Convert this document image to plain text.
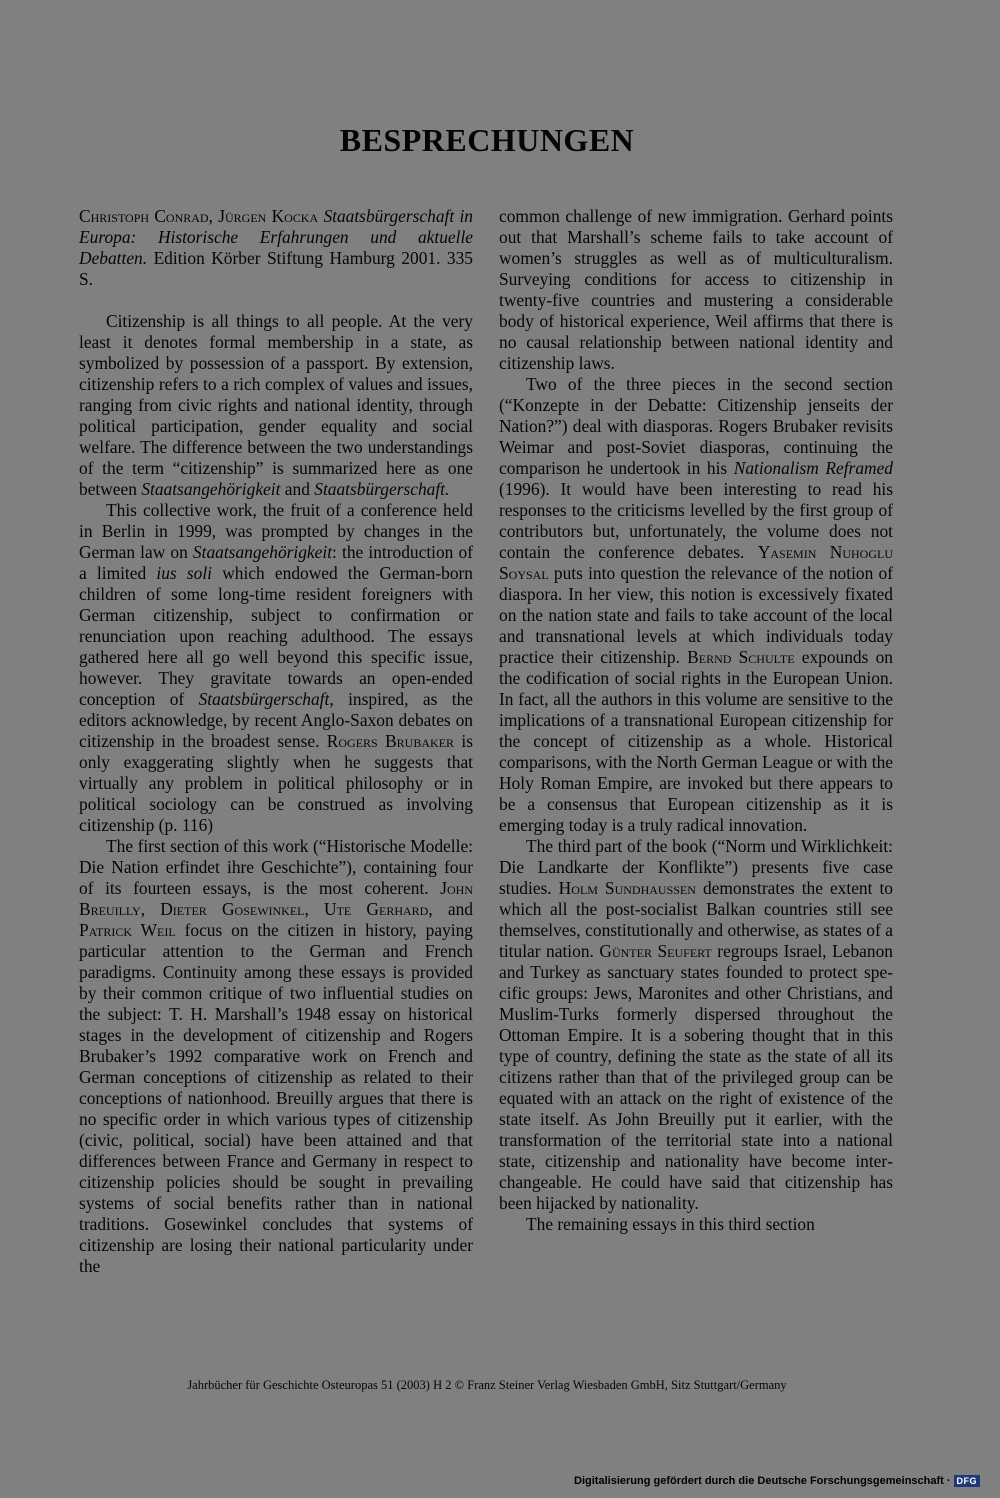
BESPRECHUNGEN

Christoph Conrad, Jürgen Kocka Staatsbürgerschaft in Europa: Historische Erfahrungen und aktuelle Debatten. Edition Körber Stiftung Hamburg 2001. 335 S.

Citizenship is all things to all people. At the very least it denotes formal membership in a state, as symbolized by possession of a passport. By extension, citizenship refers to a rich complex of values and issues, ranging from civic rights and national identity, through political participation, gender equality and social welfare. The difference between the two understandings of the term “citizenship” is summarized here as one between Staatsangehörigkeit and Staatsbürgerschaft.

This collective work, the fruit of a conference held in Berlin in 1999, was prompted by changes in the German law on Staatsangehörigkeit: the introduction of a limited ius soli which endowed the German-born children of some long-time resident foreigners with German citizenship, subject to confirmation or renunciation upon reaching adulthood. The essays gathered here all go well beyond this specific issue, however. They gravitate towards an open-ended conception of Staatsbürgerschaft, inspired, as the editors acknowledge, by recent Anglo-Saxon debates on citizenship in the broadest sense. Rogers Brubaker is only exaggerating slightly when he suggests that virtually any problem in political philosophy or in political sociology can be construed as involving citizenship (p. 116)

The first section of this work (“Historische Modelle: Die Nation erfindet ihre Geschichte”), containing four of its fourteen essays, is the most coherent. John Breuilly, Dieter Gosewinkel, Ute Gerhard, and Patrick Weil focus on the citizen in history, paying particular attention to the German and French paradigms. Continuity among these essays is provided by their common critique of two influential studies on the subject: T. H. Marshall’s 1948 essay on historical stages in the development of citizenship and Rogers Brubaker’s 1992 comparative work on French and German conceptions of citizenship as related to their conceptions of nationhood. Breuilly argues that there is no specific order in which various types of citizenship (civic, political, social) have been attained and that differences between France and Germany in respect to citizenship policies should be sought in prevailing systems of social benefits rather than in national traditions. Gosewinkel concludes that systems of citizenship are losing their national particularity under the

common challenge of new immigration. Gerhard points out that Marshall’s scheme fails to take account of women’s struggles as well as of multiculturalism. Surveying conditions for access to citizenship in twenty-five countries and mustering a considerable body of historical experience, Weil affirms that there is no causal relationship between national identity and citizenship laws.

Two of the three pieces in the second section (“Konzepte in der Debatte: Citizenship jenseits der Nation?”) deal with diasporas. Rogers Brubaker revisits Weimar and post-Soviet diasporas, continuing the comparison he undertook in his Nationalism Reframed (1996). It would have been interesting to read his responses to the criticisms levelled by the first group of contributors but, unfortunately, the volume does not contain the conference debates. Yasemin Nuhoglu Soysal puts into question the relevance of the notion of diaspora. In her view, this notion is excessively fixated on the nation state and fails to take account of the local and transnational levels at which individuals today practice their citizenship. Bernd Schulte expounds on the codification of social rights in the European Union. In fact, all the authors in this volume are sensitive to the implications of a transnational European citizenship for the concept of citizenship as a whole. Historical comparisons, with the North German League or with the Holy Roman Empire, are invoked but there appears to be a consensus that European citizenship as it is emerging today is a truly radical innovation.

The third part of the book (“Norm und Wirklichkeit: Die Landkarte der Konflikte”) presents five case studies. Holm Sundhaussen demonstrates the extent to which all the post-socialist Balkan countries still see themselves, constitutionally and otherwise, as states of a titular nation. Günter Seufert regroups Israel, Lebanon and Turkey as sanctuary states founded to protect specific groups: Jews, Maronites and other Christians, and Muslim-Turks formerly dispersed throughout the Ottoman Empire. It is a sobering thought that in this type of country, defining the state as the state of all its citizens rather than that of the privileged group can be equated with an attack on the right of existence of the state itself. As John Breuilly put it earlier, with the transformation of the territorial state into a national state, citizenship and nationality have become interchangeable. He could have said that citizenship has been hijacked by nationality.

The remaining essays in this third section

Jahrbücher für Geschichte Osteuropas 51 (2003) H 2 © Franz Steiner Verlag Wiesbaden GmbH, Sitz Stuttgart/Germany
Digitalisierung gefördert durch die Deutsche Forschungsgemeinschaft · DFG
